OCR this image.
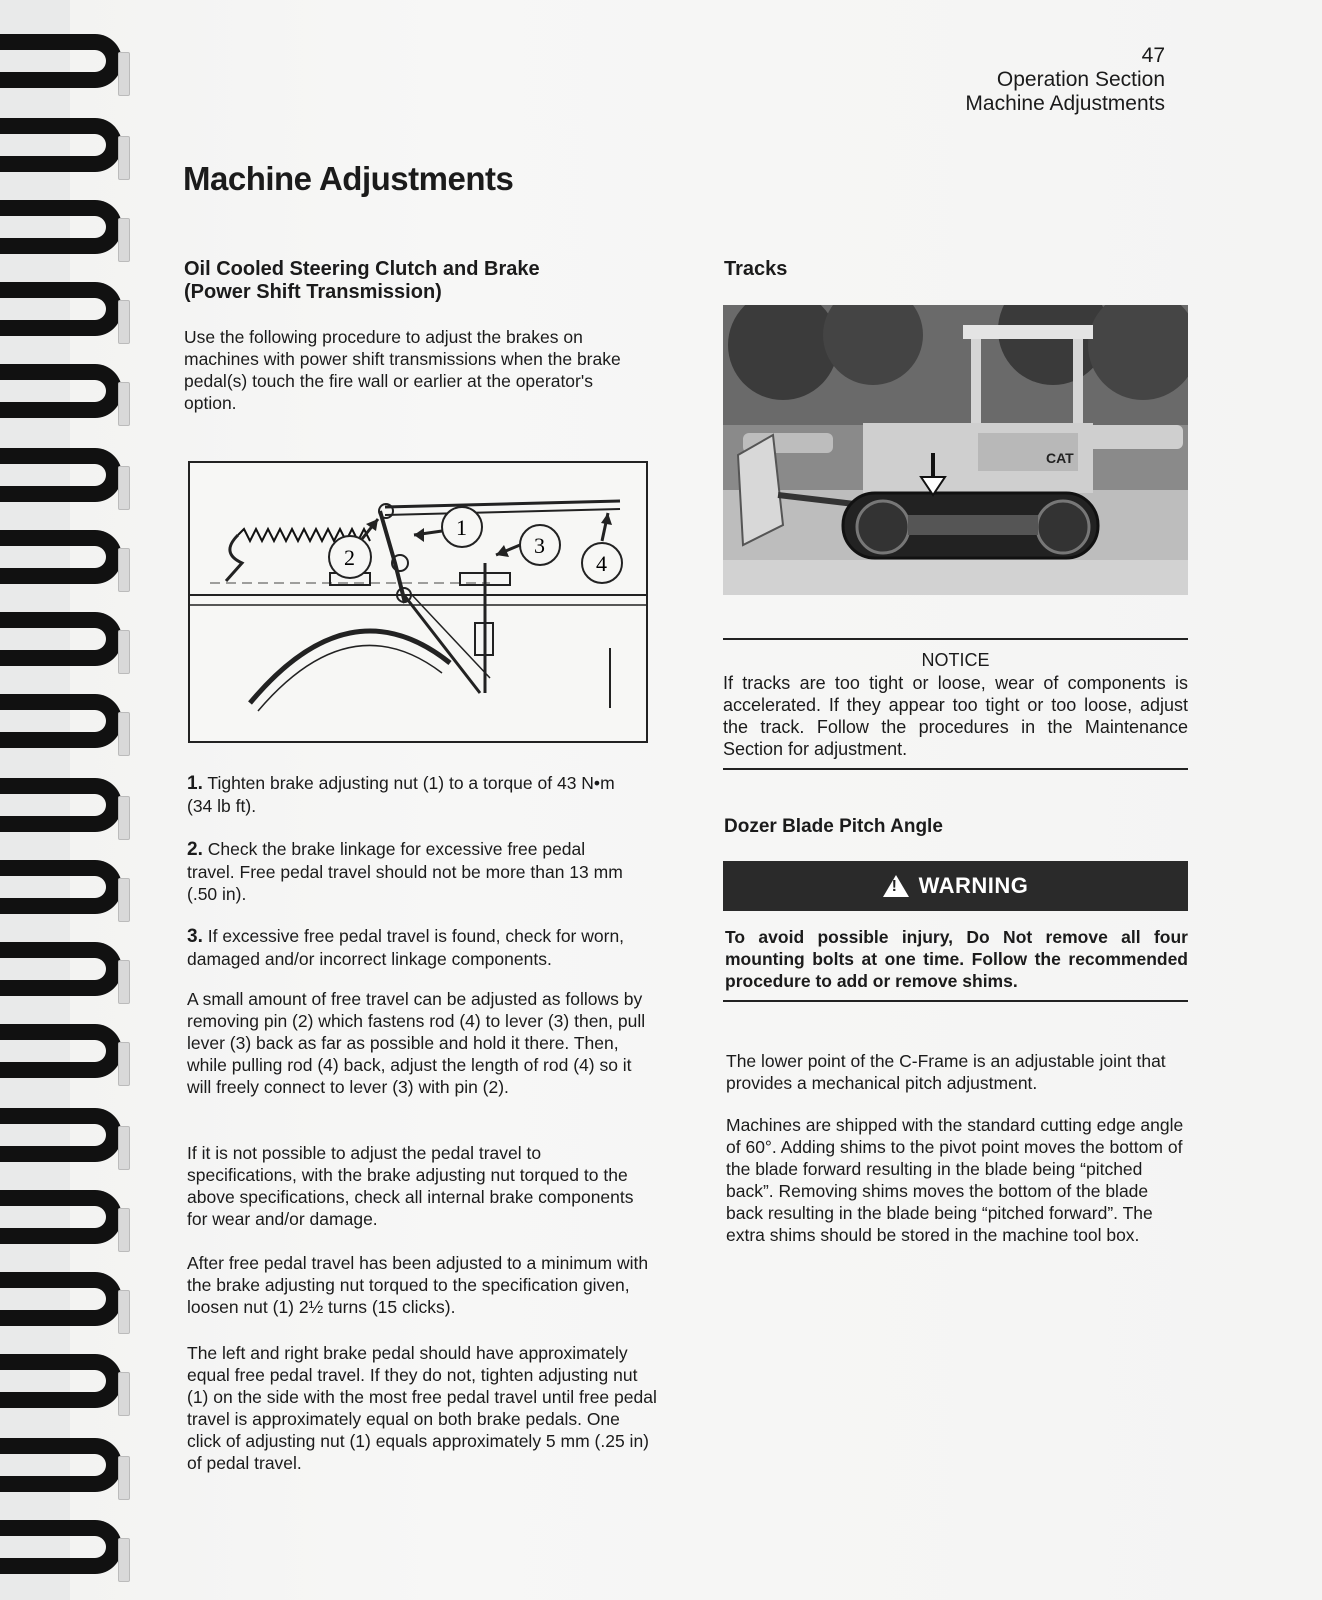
47
Operation Section
Machine Adjustments
Machine Adjustments
Oil Cooled Steering Clutch and Brake
(Power Shift Transmission)

Use the following procedure to adjust the brakes on machines with power shift transmissions when the brake pedal(s) touch the fire wall or earlier at the operator's option.

1
2	3
4
1. Tighten brake adjusting nut (1) to a torque of 43 N•m (34 lb ft).
2. Check the brake linkage for excessive free pedal travel. Free pedal travel should not be more than 13 mm (.50 in).
3. If excessive free pedal travel is found, check for worn, damaged and/or incorrect linkage components.

A small amount of free travel can be adjusted as follows by removing pin (2) which fastens rod (4) to lever (3) then, pull lever (3) back as far as possible and hold it there. Then, while pulling rod (4) back, adjust the length of rod (4) so it will freely connect to lever (3) with pin (2).

If it is not possible to adjust the pedal travel to specifications, with the brake adjusting nut torqued to the above specifications, check all internal brake components for wear and/or damage.

After free pedal travel has been adjusted to a minimum with the brake adjusting nut torqued to the specification given, loosen nut (1) 2½ turns (15 clicks).

The left and right brake pedal should have approximately equal free pedal travel. If they do not, tighten adjusting nut (1) on the side with the most free pedal travel until free pedal travel is approximately equal on both brake pedals. One click of adjusting nut (1) equals approximately 5 mm (.25 in) of pedal travel.

Tracks
CAT
NOTICE

If tracks are too tight or loose, wear of components is accelerated. If they appear too tight or too loose, adjust the track. Follow the procedures in the Maintenance Section for adjustment.

Dozer Blade Pitch Angle
!
WARNING

To avoid possible injury, Do Not remove all four mounting bolts at one time. Follow the recommended procedure to add or remove shims.

The lower point of the C-Frame is an adjustable joint that provides a mechanical pitch adjustment.

Machines are shipped with the standard cutting edge angle of 60°. Adding shims to the pivot point moves the bottom of the blade forward resulting in the blade being “pitched back”. Removing shims moves the bottom of the blade back resulting in the blade being “pitched forward”. The extra shims should be stored in the machine tool box.
